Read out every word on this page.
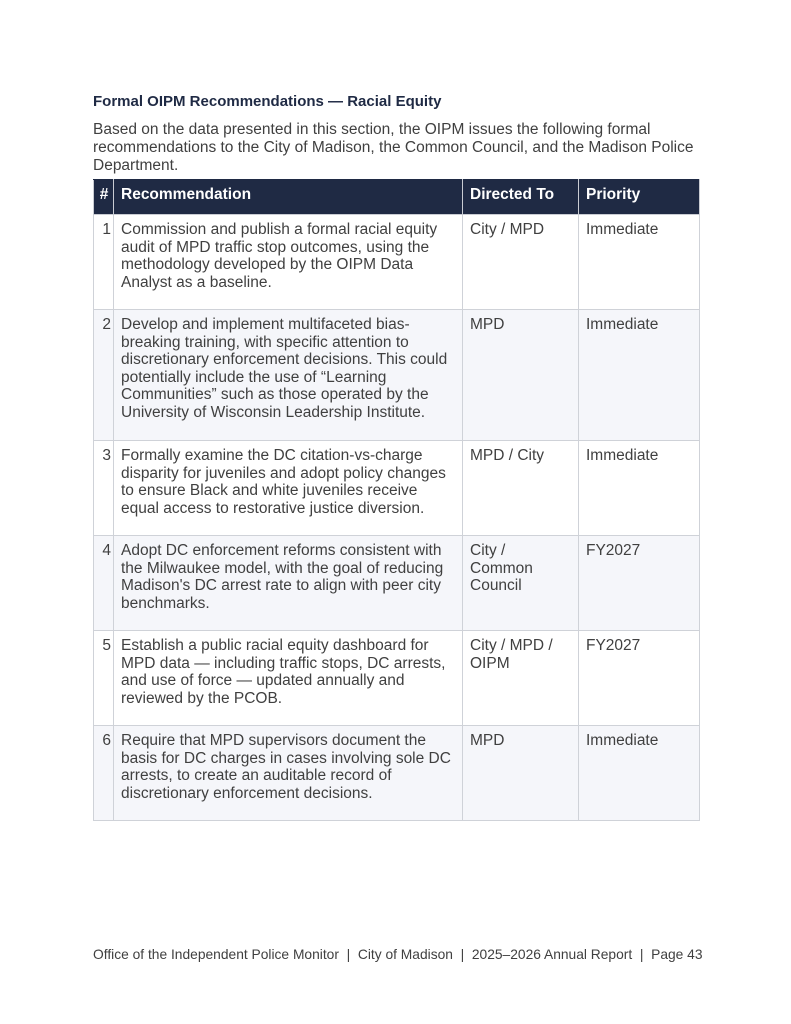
Formal OIPM Recommendations — Racial Equity

Based on the data presented in this section, the OIPM issues the following formal recommendations to the City of Madison, the Common Council, and the Madison Police Department.

#	Recommendation	Directed To	Priority
1	Commission and publish a formal racial equity audit of MPD traffic stop outcomes, using the methodology developed by the OIPM Data Analyst as a baseline.	City / MPD	Immediate
2	Develop and implement multifaceted bias-breaking training, with specific attention to discretionary enforcement decisions. This could potentially include the use of “Learning Communities” such as those operated by the University of Wisconsin Leadership Institute.	MPD	Immediate
3	Formally examine the DC citation-vs-charge disparity for juveniles and adopt policy changes to ensure Black and white juveniles receive equal access to restorative justice diversion.	MPD / City	Immediate
4	Adopt DC enforcement reforms consistent with the Milwaukee model, with the goal of reducing Madison's DC arrest rate to align with peer city benchmarks.	City / Common Council	FY2027
5	Establish a public racial equity dashboard for MPD data — including traffic stops, DC arrests, and use of force — updated annually and reviewed by the PCOB.	City / MPD / OIPM	FY2027
6	Require that MPD supervisors document the basis for DC charges in cases involving sole DC arrests, to create an auditable record of discretionary enforcement decisions.	MPD	Immediate
Office of the Independent Police Monitor  |  City of Madison  |  2025–2026 Annual Report  |  Page 43
